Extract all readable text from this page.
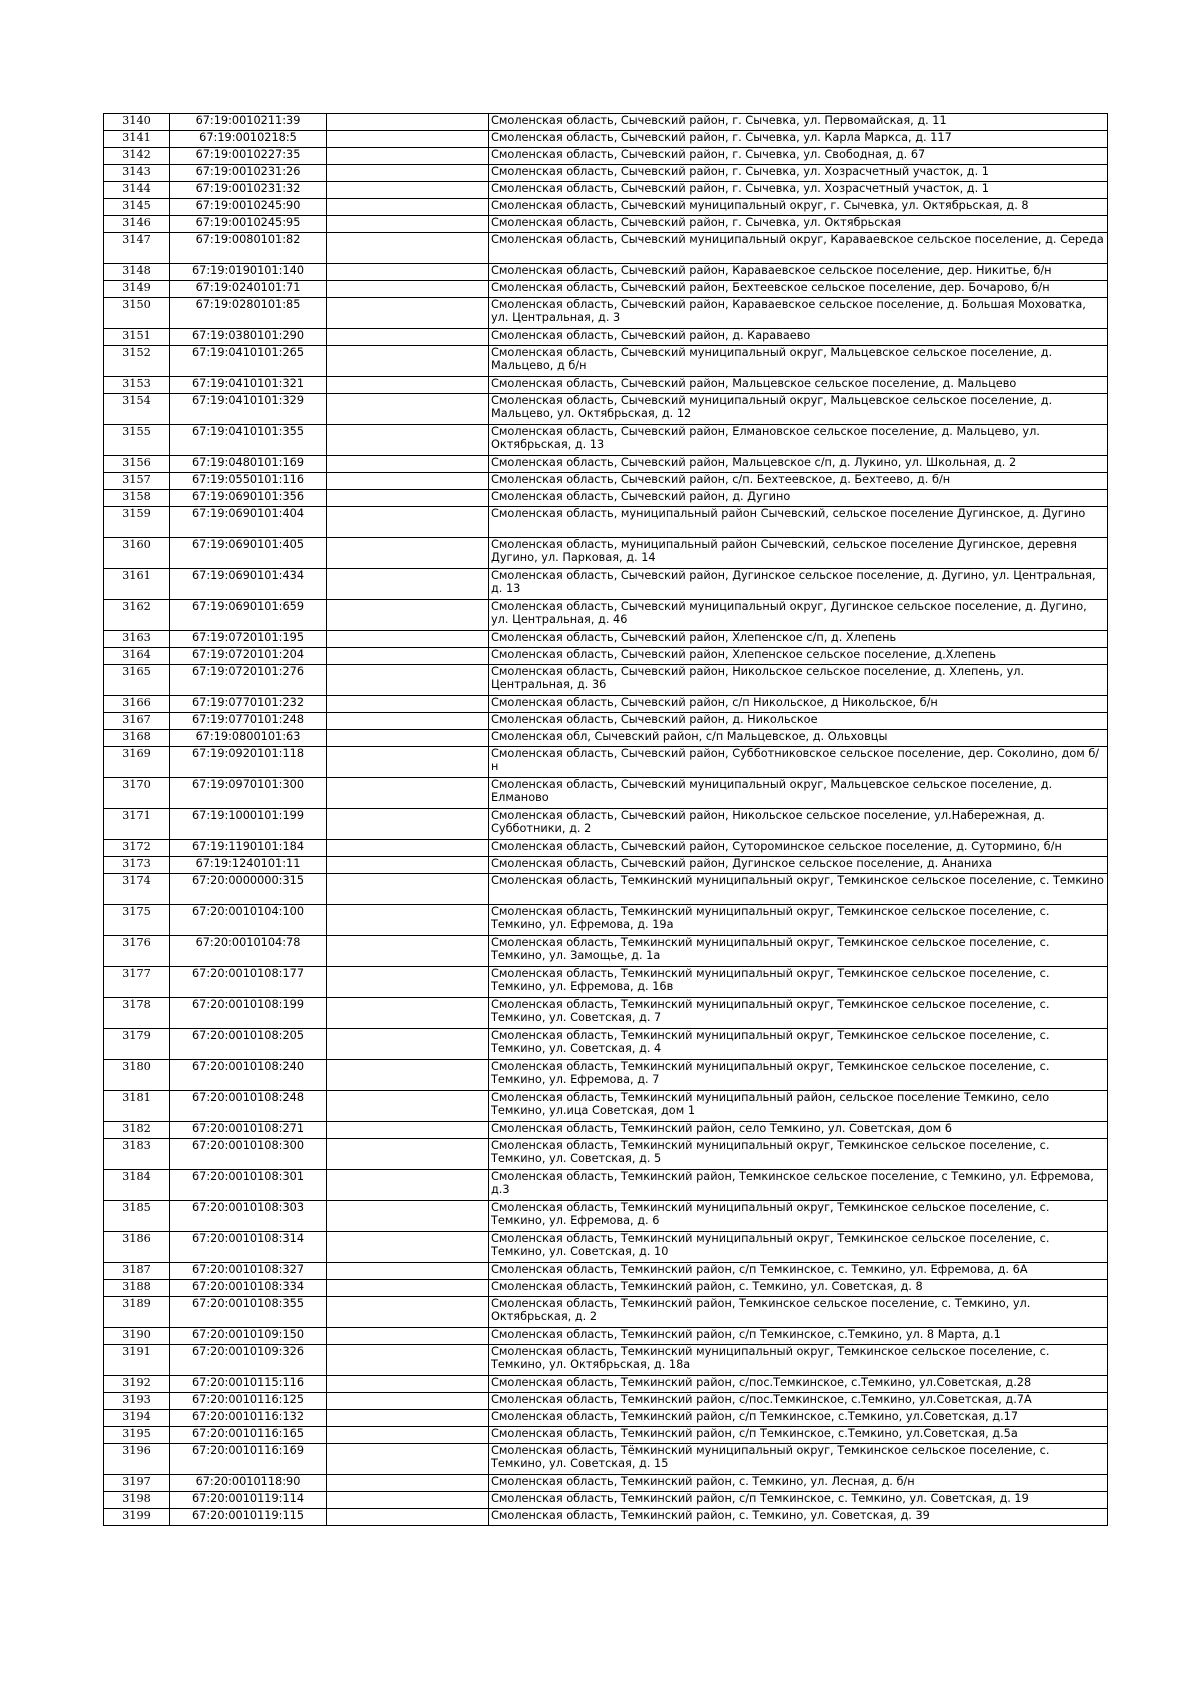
3140	67:19:0010211:39		Смоленская область, Сычевский район, г. Сычевка, ул. Первомайская, д. 11
3141	67:19:0010218:5		Смоленская область, Сычевский район, г. Сычевка, ул. Карла Маркса, д. 117
3142	67:19:0010227:35		Смоленская область, Сычевский район, г. Сычевка, ул. Свободная, д. 67
3143	67:19:0010231:26		Смоленская область, Сычевский район, г. Сычевка, ул. Хозрасчетный участок, д. 1
3144	67:19:0010231:32		Смоленская область, Сычевский район, г. Сычевка, ул. Хозрасчетный участок, д. 1
3145	67:19:0010245:90		Смоленская область, Сычевский муниципальный округ, г. Сычевка, ул. Октябрьская, д. 8
3146	67:19:0010245:95		Смоленская область, Сычевский район, г. Сычевка, ул. Октябрьская
3147	67:19:0080101:82		Смоленская область, Сычевский муниципальный округ, Караваевское сельское поселение, д. Середа
3148	67:19:0190101:140		Смоленская область, Сычевский район, Караваевское сельское поселение, дер. Никитье, б/н
3149	67:19:0240101:71		Смоленская область, Сычевский район, Бехтеевское сельское поселение, дер. Бочарово, б/н
3150	67:19:0280101:85		Смоленская область, Сычевский район, Караваевское сельское поселение, д. Большая Моховатка, ул. Центральная, д. 3
3151	67:19:0380101:290		Смоленская область, Сычевский район, д. Караваево
3152	67:19:0410101:265		Смоленская область, Сычевский муниципальный округ, Мальцевское сельское поселение, д. Мальцево, д б/н
3153	67:19:0410101:321		Смоленская область, Сычевский район, Мальцевское сельское поселение, д. Мальцево
3154	67:19:0410101:329		Смоленская область, Сычевский муниципальный округ, Мальцевское сельское поселение, д. Мальцево, ул. Октябрьская, д. 12
3155	67:19:0410101:355		Смоленская область, Сычевский район, Елмановское сельское поселение, д. Мальцево, ул. Октябрьская, д. 13
3156	67:19:0480101:169		Смоленская область, Сычевский район, Мальцевское с/п, д. Лукино, ул. Школьная, д. 2
3157	67:19:0550101:116		Смоленская область, Сычевский район, с/п. Бехтеевское, д. Бехтеево, д. б/н
3158	67:19:0690101:356		Смоленская область, Сычевский район, д. Дугино
3159	67:19:0690101:404		Смоленская область, муниципальный район Сычевский, сельское поселение Дугинское, д. Дугино
3160	67:19:0690101:405		Смоленская область, муниципальный район Сычевский, сельское поселение Дугинское, деревня Дугино, ул. Парковая, д. 14
3161	67:19:0690101:434		Смоленская область, Сычевский район, Дугинское сельское поселение, д. Дугино, ул. Центральная, д. 13
3162	67:19:0690101:659		Смоленская область, Сычевский муниципальный округ, Дугинское сельское поселение, д. Дугино, ул. Центральная, д. 46
3163	67:19:0720101:195		Смоленская область, Сычевский район, Хлепенское с/п, д. Хлепень
3164	67:19:0720101:204		Смоленская область, Сычевский район, Хлепенское сельское поселение, д.Хлепень
3165	67:19:0720101:276		Смоленская область, Сычевский район, Никольское сельское поселение, д. Хлепень, ул. Центральная, д. 36
3166	67:19:0770101:232		Смоленская область, Сычевский район, с/п Никольское, д Никольское, б/н
3167	67:19:0770101:248		Смоленская область, Сычевский район, д. Никольское
3168	67:19:0800101:63		Смоленская обл, Сычевский район, с/п Мальцевское, д. Ольховцы
3169	67:19:0920101:118		Смоленская область, Сычевский район, Субботниковское сельское поселение, дер. Соколино, дом б/н
3170	67:19:0970101:300		Смоленская область, Сычевский муниципальный округ, Мальцевское сельское поселение, д. Елманово
3171	67:19:1000101:199		Смоленская область, Сычевский район, Никольское сельское поселение, ул.Набережная, д. Субботники, д. 2
3172	67:19:1190101:184		Смоленская область, Сычевский район, Сутороминское сельское поселение, д. Сутормино, б/н
3173	67:19:1240101:11		Смоленская область, Сычевский район, Дугинское сельское поселение, д. Ананиха
3174	67:20:0000000:315		Смоленская область, Темкинский муниципальный округ, Темкинское сельское поселение, с. Темкино
3175	67:20:0010104:100		Смоленская область, Темкинский муниципальный округ, Темкинское сельское поселение, с. Темкино, ул. Ефремова, д. 19а
3176	67:20:0010104:78		Смоленская область, Темкинский муниципальный округ, Темкинское сельское поселение, с. Темкино, ул. Замощье, д. 1а
3177	67:20:0010108:177		Смоленская область, Темкинский муниципальный округ, Темкинское сельское поселение, с. Темкино, ул. Ефремова, д. 16в
3178	67:20:0010108:199		Смоленская область, Темкинский муниципальный округ, Темкинское сельское поселение, с. Темкино, ул. Советская, д. 7
3179	67:20:0010108:205		Смоленская область, Темкинский муниципальный округ, Темкинское сельское поселение, с. Темкино, ул. Советская, д. 4
3180	67:20:0010108:240		Смоленская область, Темкинский муниципальный округ, Темкинское сельское поселение, с. Темкино, ул. Ефремова, д. 7
3181	67:20:0010108:248		Смоленская область, Темкинский муниципальный район, сельское поселение Темкино, село Темкино, ул.ица Советская, дом 1
3182	67:20:0010108:271		Смоленская область, Темкинский район, село Темкино, ул. Советская, дом 6
3183	67:20:0010108:300		Смоленская область, Темкинский муниципальный округ, Темкинское сельское поселение, с. Темкино, ул. Советская, д. 5
3184	67:20:0010108:301		Смоленская область, Темкинский район, Темкинское сельское поселение, с Темкино, ул. Ефремова, д.3
3185	67:20:0010108:303		Смоленская область, Темкинский муниципальный округ, Темкинское сельское поселение, с. Темкино, ул. Ефремова, д. 6
3186	67:20:0010108:314		Смоленская область, Темкинский муниципальный округ, Темкинское сельское поселение, с. Темкино, ул. Советская, д. 10
3187	67:20:0010108:327		Смоленская область, Темкинский район, с/п Темкинское, с. Темкино, ул. Ефремова, д. 6А
3188	67:20:0010108:334		Смоленская область, Темкинский район, с. Темкино, ул. Советская, д. 8
3189	67:20:0010108:355		Смоленская область, Темкинский район, Темкинское сельское поселение, с. Темкино, ул. Октябрьская, д. 2
3190	67:20:0010109:150		Смоленская область, Темкинский район, с/п Темкинское, с.Темкино, ул. 8 Марта, д.1
3191	67:20:0010109:326		Смоленская область, Темкинский муниципальный округ, Темкинское сельское поселение, с. Темкино, ул. Октябрьская, д. 18а
3192	67:20:0010115:116		Смоленская область, Темкинский район, с/пос.Темкинское, с.Темкино, ул.Советская, д.28
3193	67:20:0010116:125		Смоленская область, Темкинский район, с/пос.Темкинское, с.Темкино, ул.Советская, д.7А
3194	67:20:0010116:132		Смоленская область, Темкинский район, с/п Темкинское, с.Темкино, ул.Советская, д.17
3195	67:20:0010116:165		Смоленская область, Темкинский район, с/п Темкинское, с.Темкино, ул.Советская, д.5а
3196	67:20:0010116:169		Смоленская область, Тёмкинский муниципальный округ, Темкинское сельское поселение, с. Темкино, ул. Советская, д. 15
3197	67:20:0010118:90		Смоленская область, Темкинский район, с. Темкино, ул. Лесная, д. б/н
3198	67:20:0010119:114		Смоленская область, Темкинский район, с/п Темкинское, с. Темкино, ул. Советская, д. 19
3199	67:20:0010119:115		Смоленская область, Темкинский район, с. Темкино, ул. Советская, д. 39
